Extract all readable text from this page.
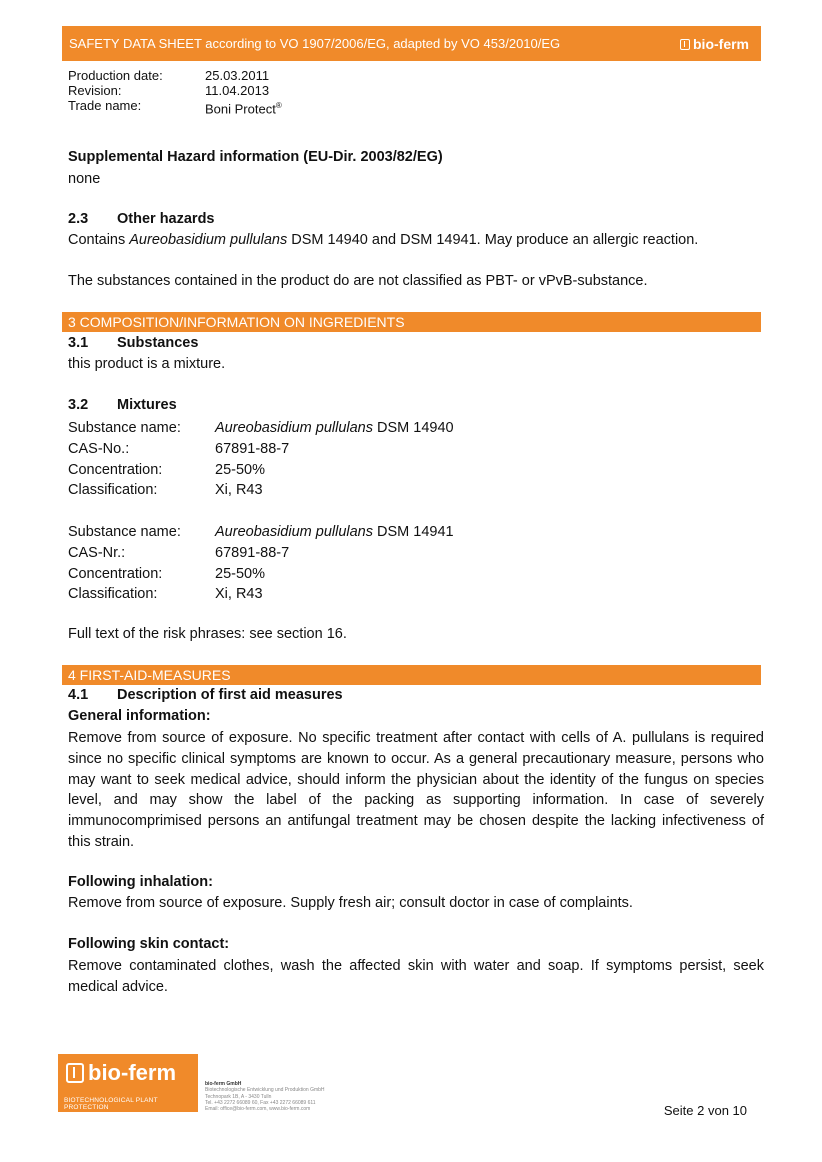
SAFETY DATA SHEET according to VO 1907/2006/EG, adapted by VO 453/2010/EG	bio-ferm
Production date:	25.03.2011
Revision:	11.04.2013
Trade name:	Boni Protect®
Supplemental Hazard information (EU-Dir. 2003/82/EG)
none
2.3 Other hazards
Contains Aureobasidium pullulans DSM 14940 and DSM 14941. May produce an allergic reaction.
The substances contained in the product do are not classified as PBT- or vPvB-substance.
3 COMPOSITION/INFORMATION ON INGREDIENTS
3.1 Substances
this product is a mixture.
3.2 Mixtures
Substance name:	Aureobasidium pullulans DSM 14940
CAS-No.:	67891-88-7
Concentration:	25-50%
Classification:	Xi, R43
Substance name:	Aureobasidium pullulans DSM 14941
CAS-Nr.:	67891-88-7
Concentration:	25-50%
Classification:	Xi, R43
Full text of the risk phrases: see section 16.
4 FIRST-AID-MEASURES
4.1 Description of first aid measures
General information:
Remove from source of exposure. No specific treatment after contact with cells of A. pullulans is required since no specific clinical symptoms are known to occur. As a general precautionary measure, persons who may want to seek medical advice, should inform the physician about the identity of the fungus on species level, and may show the label of the packing as supporting information. In case of severely immunocomprimised persons an antifungal treatment may be chosen despite the lacking infectiveness of this strain.
Following inhalation:
Remove from source of exposure. Supply fresh air; consult doctor in case of complaints.
Following skin contact:
Remove contaminated clothes, wash the affected skin with water and soap. If symptoms persist, seek medical advice.
bio-ferm
BIOTECHNOLOGICAL PLANT PROTECTION
bio-ferm GmbH
Biotechnologische Entwicklung und Produktion GmbH
Technopark 1B, A - 3430 Tulln
Tel. +43 2272 66089 60, Fax +43 2272 66089 611
Email: office@bio-ferm.com, www.bio-ferm.com	Seite 2 von 10
